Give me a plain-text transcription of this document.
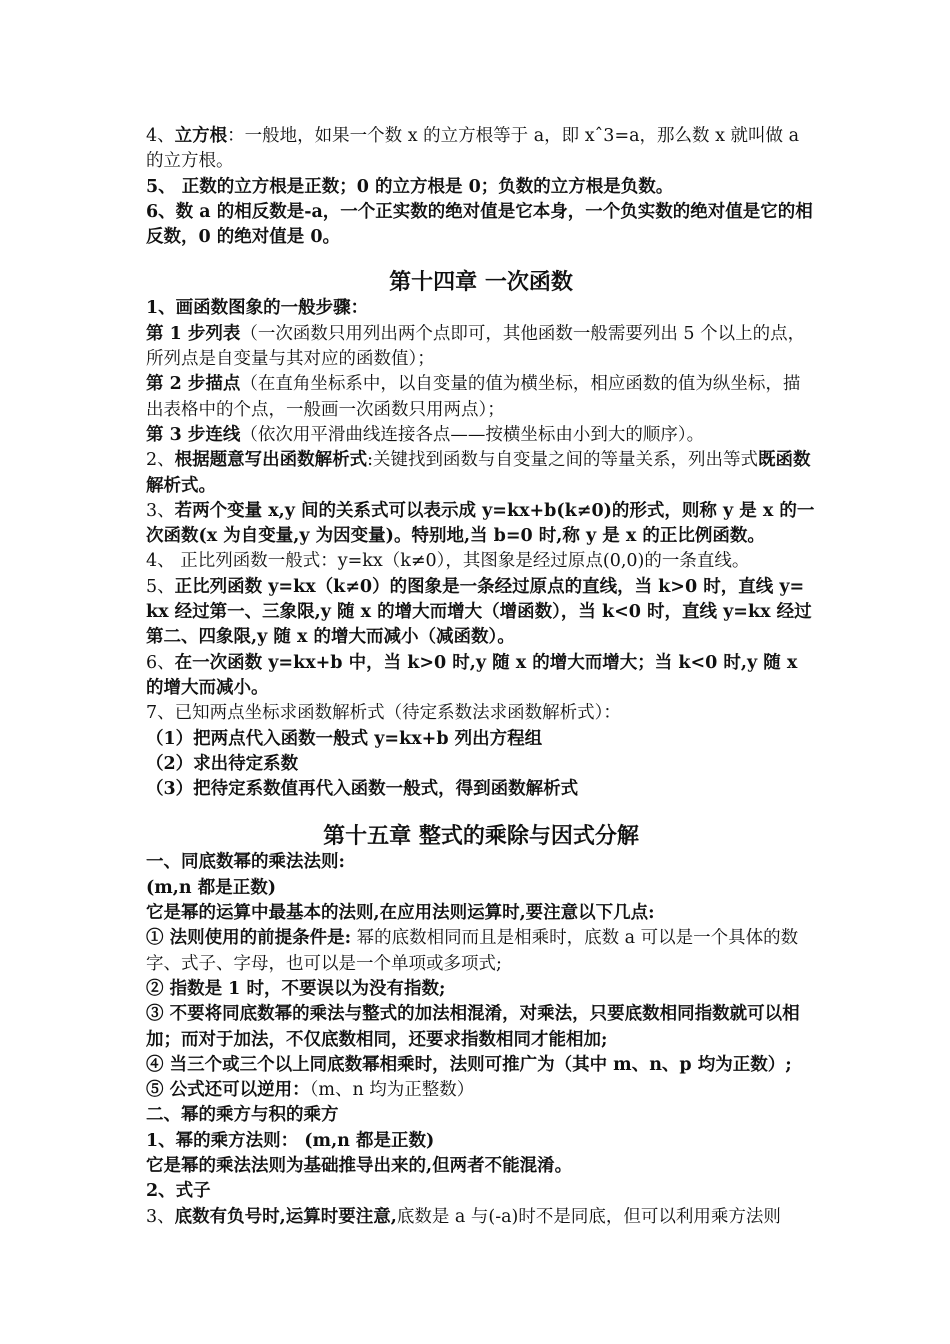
4、立方根：一般地，如果一个数 x 的立方根等于 a，即 xˆ3=a，那么数 x 就叫做 a 的立方根。

5、 正数的立方根是正数；0 的立方根是 0；负数的立方根是负数。

6、数 a 的相反数是-a，一个正实数的绝对值是它本身，一个负实数的绝对值是它的相反数，0 的绝对值是 0。

第十四章 一次函数

1、画函数图象的一般步骤：

第 1 步列表（一次函数只用列出两个点即可，其他函数一般需要列出 5 个以上的点， 所列点是自变量与其对应的函数值）；

第 2 步描点（在直角坐标系中，以自变量的值为横坐标，相应函数的值为纵坐标，描出表格中的个点，一般画一次函数只用两点）；

第 3 步连线（依次用平滑曲线连接各点——按横坐标由小到大的顺序）。

2、根据题意写出函数解析式:关键找到函数与自变量之间的等量关系，列出等式既函数解析式。

3、若两个变量 x,y 间的关系式可以表示成 y=kx+b(k≠0)的形式，则称 y 是 x 的一次函数(x 为自变量,y 为因变量)。特别地,当 b=0 时,称 y 是 x 的正比例函数。

4、 正比列函数一般式：y=kx（k≠0），其图象是经过原点(0,0)的一条直线。

5、正比列函数 y=kx（k≠0）的图象是一条经过原点的直线，当 k>0 时，直线 y=kx 经过第一、三象限,y 随 x 的增大而增大（增函数），当 k<0 时，直线 y=kx 经过第二、四象限,y 随 x 的增大而减小（减函数）。

6、在一次函数 y=kx+b 中，当 k>0 时,y 随 x 的增大而增大；当 k<0 时,y 随 x 的增大而减小。

7、已知两点坐标求函数解析式（待定系数法求函数解析式）：

（1）把两点代入函数一般式 y=kx+b 列出方程组

（2）求出待定系数

（3）把待定系数值再代入函数一般式，得到函数解析式

第十五章 整式的乘除与因式分解

一、同底数幂的乘法法则:

(m,n 都是正数)

它是幂的运算中最基本的法则,在应用法则运算时,要注意以下几点:

① 法则使用的前提条件是: 幂的底数相同而且是相乘时，底数 a 可以是一个具体的数字、式子、字母，也可以是一个单项或多项式;

② 指数是 1 时，不要误以为没有指数;

③ 不要将同底数幂的乘法与整式的加法相混淆，对乘法，只要底数相同指数就可以相加；而对于加法，不仅底数相同，还要求指数相同才能相加;

④ 当三个或三个以上同底数幂相乘时，法则可推广为（其中 m、n、p 均为正数）;

⑤ 公式还可以逆用：（m、n 均为正整数）

二、幂的乘方与积的乘方

1、幂的乘方法则： (m,n 都是正数)

它是幂的乘法法则为基础推导出来的,但两者不能混淆。

2、式子

3、底数有负号时,运算时要注意,底数是 a 与(-a)时不是同底，但可以利用乘方法则
